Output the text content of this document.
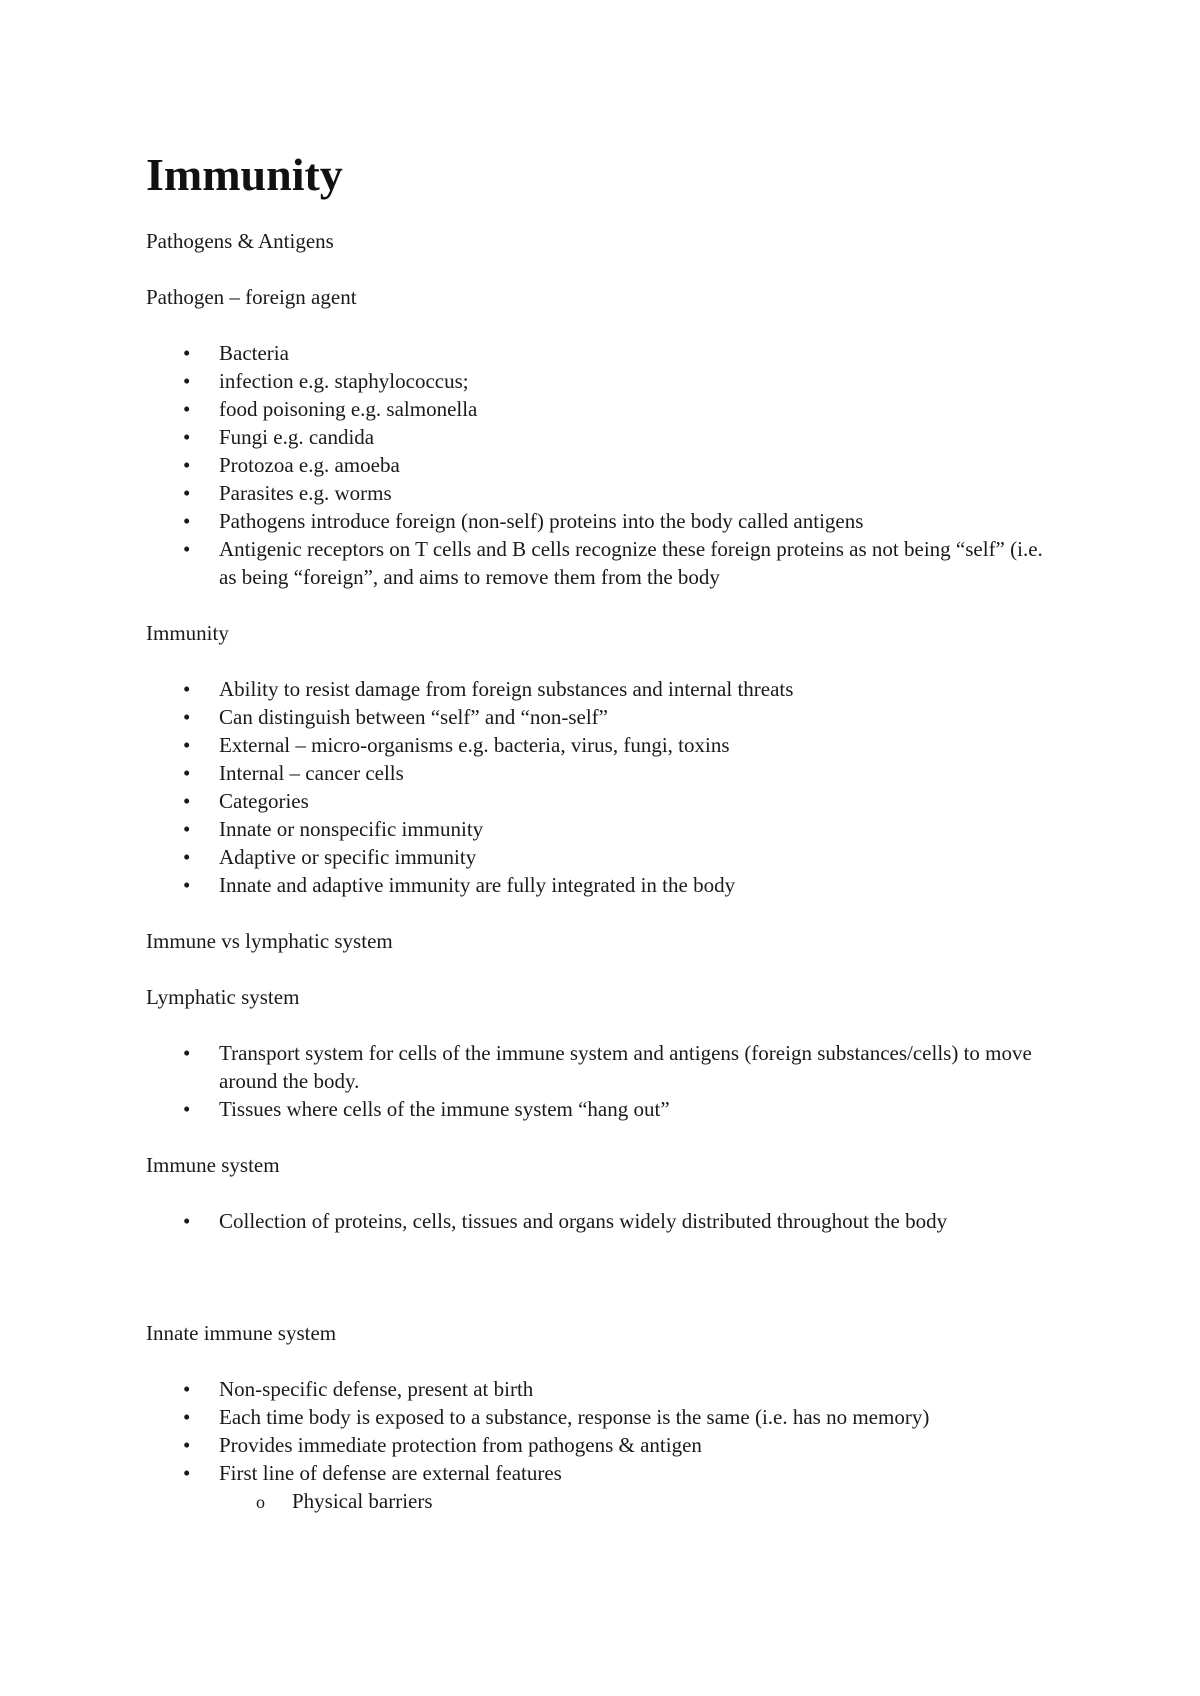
Immunity

Pathogens & Antigens

Pathogen – foreign agent

• Bacteria
• infection e.g. staphylococcus;
• food poisoning e.g. salmonella
• Fungi e.g. candida
• Protozoa e.g. amoeba
• Parasites e.g. worms
• Pathogens introduce foreign (non-self) proteins into the body called antigens
• Antigenic receptors on T cells and B cells recognize these foreign proteins as not being “self” (i.e. as being “foreign”, and aims to remove them from the body

Immunity

• Ability to resist damage from foreign substances and internal threats
• Can distinguish between “self” and “non-self”
• External – micro-organisms e.g. bacteria, virus, fungi, toxins
• Internal – cancer cells
• Categories
• Innate or nonspecific immunity
• Adaptive or specific immunity
• Innate and adaptive immunity are fully integrated in the body

Immune vs lymphatic system

Lymphatic system

• Transport system for cells of the immune system and antigens (foreign substances/cells) to move around the body.
• Tissues where cells of the immune system “hang out”

Immune system

• Collection of proteins, cells, tissues and organs widely distributed throughout the body

Innate immune system

• Non-specific defense, present at birth
• Each time body is exposed to a substance, response is the same (i.e. has no memory)
• Provides immediate protection from pathogens & antigen
• First line of defense are external features
o Physical barriers
